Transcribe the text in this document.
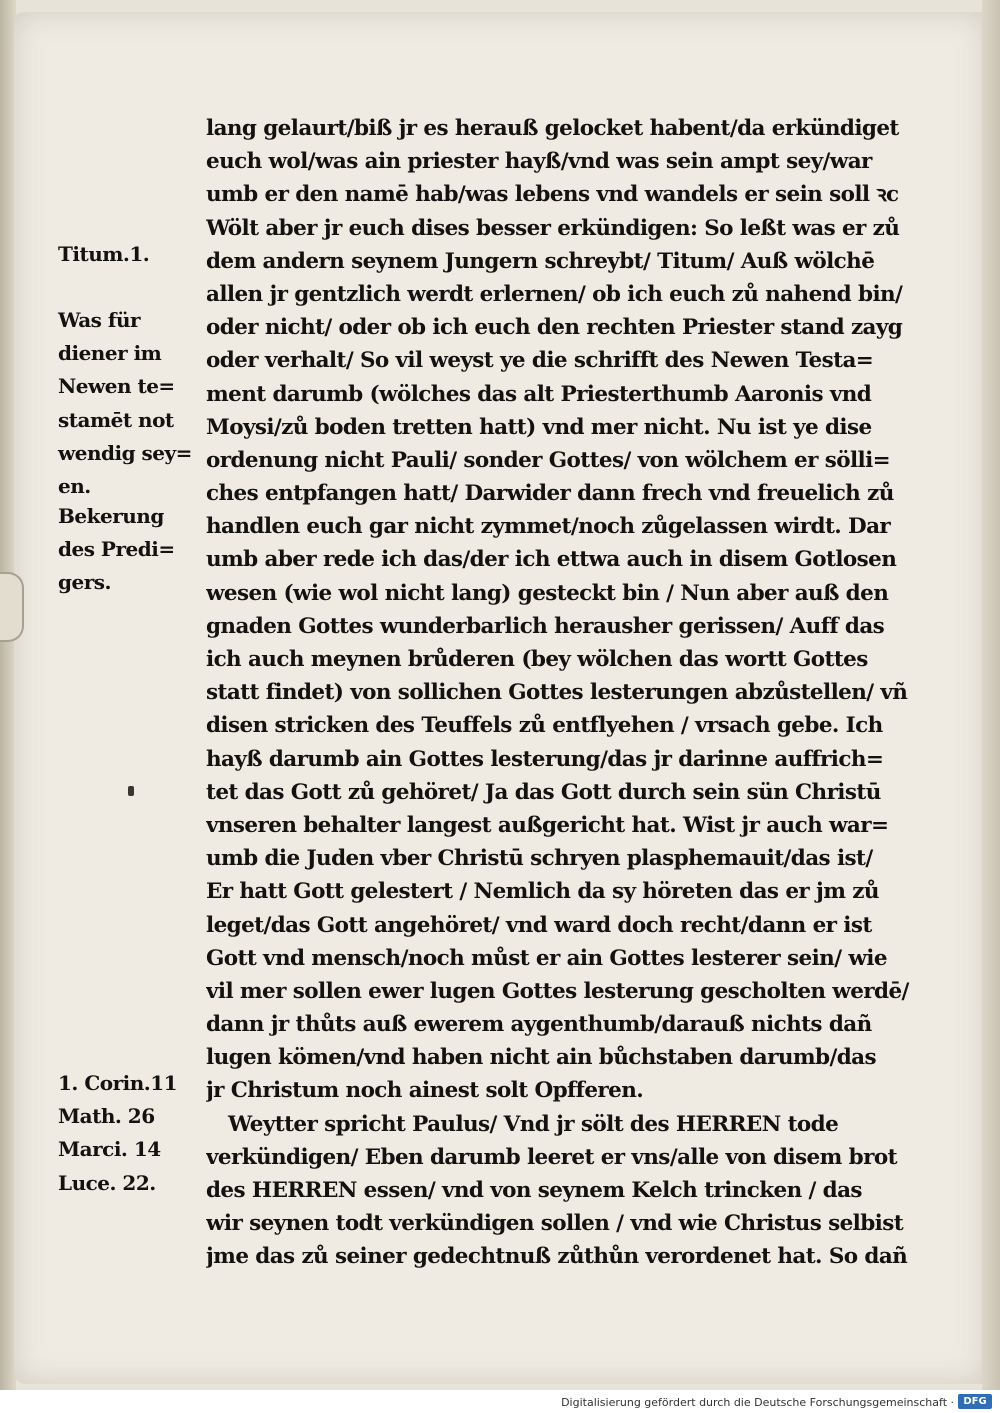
Titum.1.
Was für
diener im
Newen te=
stamēt not
wendig sey=
en.
Bekerung
des Predi=
gers.
1. Corin.11
Math. 26
Marci. 14
Luce. 22.
lang gelaurt/biß jr es herauß gelocket habent/da erkündiget
euch wol/was ain priester hayß/vnd was sein ampt sey/war
umb er den namē hab/was lebens vnd wandels er sein soll ꝛc
Wölt aber jr euch dises besser erkündigen: So leßt was er zů
dem andern seynem Jungern schreybt/ Titum/ Auß wölchē
allen jr gentzlich werdt erlernen/ ob ich euch zů nahend bin/
oder nicht/ oder ob ich euch den rechten Priester stand zayg
oder verhalt/ So vil weyst ye die schrifft des Newen Testa=
ment darumb (wölches das alt Priesterthumb Aaronis vnd
Moysi/zů boden tretten hatt) vnd mer nicht. Nu ist ye dise
ordenung nicht Pauli/ sonder Gottes/ von wölchem er sölli=
ches entpfangen hatt/ Darwider dann frech vnd freuelich zů
handlen euch gar nicht zymmet/noch zůgelassen wirdt. Dar
umb aber rede ich das/der ich ettwa auch in disem Gotlosen
wesen (wie wol nicht lang) gesteckt bin / Nun aber auß den
gnaden Gottes wunderbarlich herausher gerissen/ Auff das
ich auch meynen brůderen (bey wölchen das wortt Gottes
statt findet) von sollichen Gottes lesterungen abzůstellen/ vñ
disen stricken des Teuffels zů entflyehen / vrsach gebe. Ich
hayß darumb ain Gottes lesterung/das jr darinne auffrich=
tet das Gott zů gehöret/ Ja das Gott durch sein sün Christū
vnseren behalter langest außgericht hat. Wist jr auch war=
umb die Juden vber Christū schryen plasphemauit/das ist/
Er hatt Gott gelestert / Nemlich da sy höreten das er jm zů
leget/das Gott angehöret/ vnd ward doch recht/dann er ist
Gott vnd mensch/noch můst er ain Gottes lesterer sein/ wie
vil mer sollen ewer lugen Gottes lesterung gescholten werdē/
dann jr thůts auß ewerem aygenthumb/darauß nichts dañ
lugen kömen/vnd haben nicht ain bůchstaben darumb/das
jr Christum noch ainest solt Opfferen.
Weytter spricht Paulus/ Vnd jr sölt des HERREN tode
verkündigen/ Eben darumb leeret er vns/alle von disem brot
des HERREN essen/ vnd von seynem Kelch trincken / das
wir seynen todt verkündigen sollen / vnd wie Christus selbist
jme das zů seiner gedechtnuß zůthůn verordenet hat. So dañ
Digitalisierung gefördert durch die Deutsche Forschungsgemeinschaft · DFG
